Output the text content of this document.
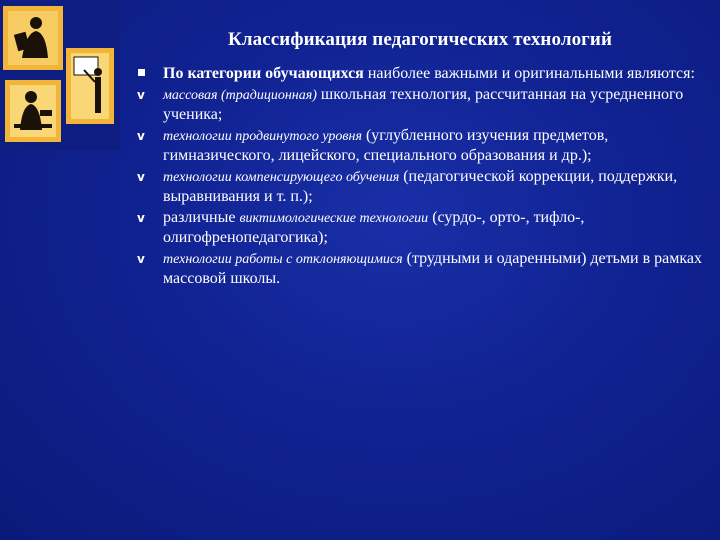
Классификация педагогических технологий
По категории обучающихся наиболее важными и оригинальными являются:
v
массовая (традиционная) школьная технология, рассчитанная на усредненного ученика;
v
технологии продвинутого уровня (углубленного изучения предметов, гимназического, лицейского, специального образования и др.);
v
технологии компенсирующего обучения (педагогической коррекции, поддержки, выравнивания и т. п.);
v
различные виктимологические технологии (сурдо-, орто-, тифло-, олигофренопедагогика);
v
технологии работы с отклоняющимися (трудными и одаренными) детьми в рамках массовой школы.
